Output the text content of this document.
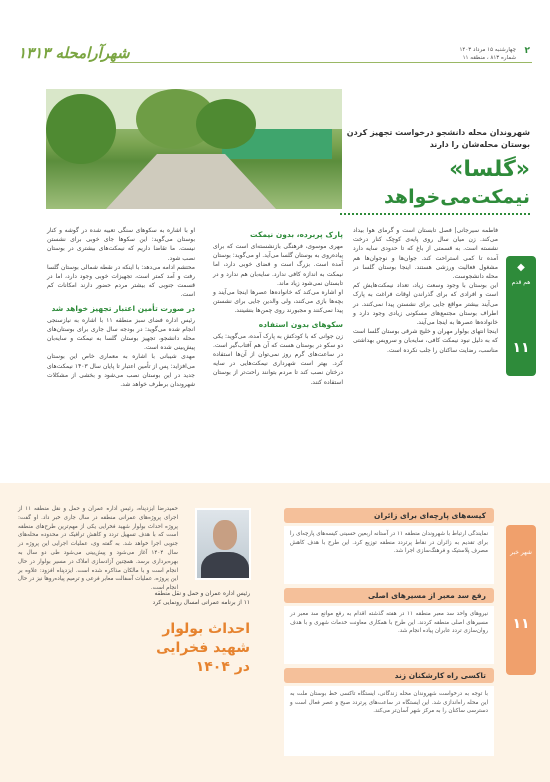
شهرآرامحله ۱۳۱۳	چهارشنبه ۱۵ مرداد ۱۴۰۳
شماره ۸۱۳ ، منطقه ۱۱
۲
شهروندان محله دانشجو درخواست تجهیز کردن بوستان محله‌شان را دارند
«گلسا»
نیمکت‌می‌خواهد
◆
هم قدم
۱۱

فاطمه سیرجانی| فصل تابستان است و گرمای هوا بیداد می‌کند. زن میان سال روی پایه‌ی کوچک کنار درخت نشسته است. به قسمتی از باغ که تا حدودی سایه دارد آمده تا کمی استراحت کند. جوان‌ها و نوجوان‌ها هم مشغول فعالیت ورزشی هستند. اینجا بوستان گلسا در محله دانشجوست.

این بوستان با وجود وسعت زیاد، تعداد نیمکت‌هایش کم است و افرادی که برای گذراندن اوقات فراغت به پارک می‌آیند بیشتر مواقع جایی برای نشستن پیدا نمی‌کنند. در اطراف بوستان مجتمع‌های مسکونی زیادی وجود دارد و خانواده‌ها عصرها به اینجا می‌آیند.

اینجا انتهای بولوار مهران و خلیج شرقی بوستان گلسا است که به دلیل نبود نیمکت کافی، سایه‌بان و سرویس بهداشتی مناسب، رضایت ساکنان را جلب نکرده است.

پارک پربرده، بدون نیمکت

مهری موسوی، فرهنگی بازنشسته‌ای است که برای پیاده‌روی به بوستان گلسا می‌آید. او می‌گوید: بوستان آمده است. بزرگ است و فضای خوبی دارد، اما نیمکت به اندازه کافی ندارد. سایه‌بان هم ندارد و در تابستان نمی‌شود زیاد ماند.

او اشاره می‌کند که خانواده‌ها عصرها اینجا می‌آیند و بچه‌ها بازی می‌کنند، ولی والدین جایی برای نشستن پیدا نمی‌کنند و مجبورند روی چمن‌ها بنشینند.

سکوهای بدون استفاده

زن جوانی که با کودکش به پارک آمده، می‌گوید: یکی دو سکو در بوستان هست که آن هم آفتاب‌گیر است. در ساعت‌های گرم روز نمی‌توان از آن‌ها استفاده کرد. بهتر است شهرداری نیمکت‌هایی در سایه درختان نصب کند تا مردم بتوانند راحت‌تر از بوستان استفاده کنند.

او با اشاره به سکوهای سنگی تعبیه شده در گوشه و کنار بوستان می‌گوید: این سکوها جای خوبی برای نشستن نیست. ما تقاضا داریم که نیمکت‌های بیشتری در بوستان نصب شود.

محتشم ادامه می‌دهد: با اینکه در نقطه شمالی بوستان گلسا رفت و آمد کمتر است، تجهیزات خوبی وجود دارد، اما در قسمت جنوبی که بیشتر مردم حضور دارند امکانات کم است.

در صورت تأمین اعتبار تجهیز خواهد شد

رئیس اداره فضای سبز منطقه ۱۱ با اشاره به نیازسنجی انجام شده می‌گوید: در بودجه سال جاری برای بوستان‌های محله دانشجو، تجهیز بوستان گلسا به نیمکت و سایه‌بان پیش‌بینی شده است.

مهدی شیبانی با اشاره به معماری خاص این بوستان می‌افزاید: پس از تأمین اعتبار تا پایان سال ۱۴۰۳ نیمکت‌های جدید در این بوستان نصب می‌شود و بخشی از مشکلات شهروندان برطرف خواهد شد.

شهر خبر
۱۱
کیسه‌های پارچه‌ای برای زائران
نمایندگی ارتباط با شهروندان منطقه ۱۱ در آستانه اربعین حسینی کیسه‌های پارچه‌ای را برای تقدیم به زائران در نقاط پرتردد منطقه توزیع کرد. این طرح با هدف کاهش مصرف پلاستیک و فرهنگ‌سازی اجرا شد.
رفع سد معبر از مسیرهای اصلی
نیروهای واحد سد معبر منطقه ۱۱ در هفته گذشته اقدام به رفع موانع سد معبر در مسیرهای اصلی منطقه کردند. این طرح با همکاری معاونت خدمات شهری و با هدف روان‌سازی تردد عابران پیاده انجام شد.
تاکسی راه کارشکنان زند
با توجه به درخواست شهروندان محله زندگانی، ایستگاه تاکسی خط بوستان ملت به این محله راه‌اندازی شد. این ایستگاه در ساعت‌های پرتردد صبح و عصر فعال است و دسترسی ساکنان را به مرکز شهر آسان‌تر می‌کند.
رئیس اداره عمران و حمل و نقل منطقه ۱۱ از برنامه عمرانی امسال رونمایی کرد
احداث بولوار شهید فخرایی در ۱۴۰۴
حمیدرضا ایزدپناه، رئیس اداره عمران و حمل و نقل منطقه ۱۱ از اجرای پروژه‌های عمرانی منطقه در سال جاری خبر داد. او گفت: پروژه احداث بولوار شهید فخرایی یکی از مهم‌ترین طرح‌های منطقه است که با هدف تسهیل تردد و کاهش ترافیک در محدوده محله‌های جنوبی اجرا خواهد شد. به گفته وی، عملیات اجرایی این پروژه در سال ۱۴۰۴ آغاز می‌شود و پیش‌بینی می‌شود طی دو سال به بهره‌برداری برسد. همچنین آزادسازی املاک در مسیر بولوار در حال انجام است و با مالکان مذاکره شده است. ایزدپناه افزود: علاوه بر این پروژه، عملیات آسفالت معابر فرعی و ترمیم پیاده‌روها نیز در حال انجام است.
